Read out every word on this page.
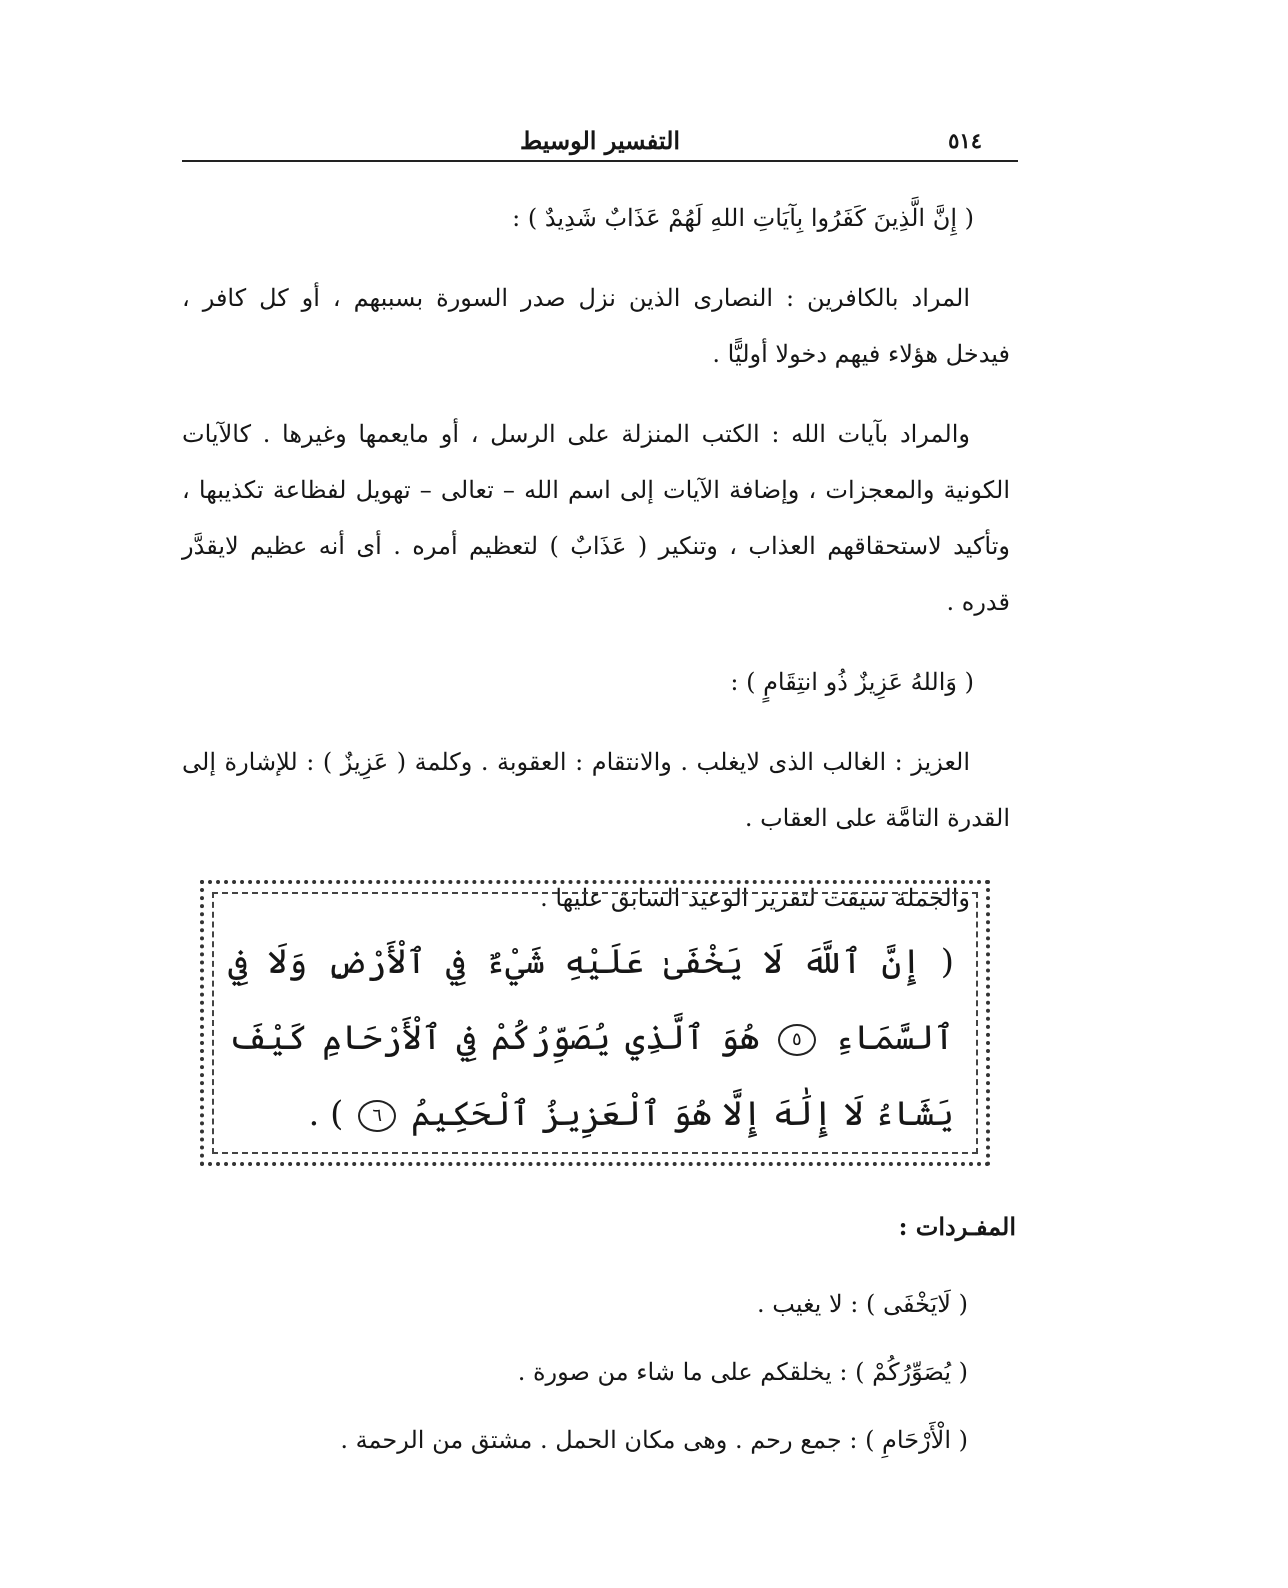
٥١٤
التفسير الوسيط

( إِنَّ الَّذِينَ كَفَرُوا بِآيَاتِ اللهِ لَهُمْ عَذَابٌ شَدِيدٌ ) :

المراد بالكافرين : النصارى الذين نزل صدر السورة بسببهم ، أو كل كافر ، فيدخل هؤلاء فيهم دخولا أوليًّا .

والمراد بآيات الله : الكتب المنزلة على الرسل ، أو مايعمها وغيرها . كالآيات الكونية والمعجزات ، وإضافة الآيات إلى اسم الله – تعالى – تهويل لفظاعة تكذيبها ، وتأكيد لاستحقاقهم العذاب ، وتنكير ( عَذَابٌ ) لتعظيم أمره . أى أنه عظيم لايقدَّر قدره .

( وَاللهُ عَزِيزٌ ذُو انتِقَامٍ ) :

العزيز : الغالب الذى لايغلب . والانتقام : العقوبة . وكلمة ( عَزِيزٌ ) : للإشارة إلى القدرة التامَّة على العقاب .

والجملة سيقت لتقرير الوعيد السابق عليها .

( إِنَّ ٱللَّهَ لَا يَخْفَىٰ عَلَيْهِ شَيْءٌ فِي ٱلْأَرْضِ وَلَا فِي ٱلسَّمَاءِ ٥ هُوَ ٱلَّذِي يُصَوِّرُكُمْ فِي ٱلْأَرْحَامِ كَيْفَ يَشَاءُ لَا إِلَٰهَ إِلَّا هُوَ ٱلْعَزِيزُ ٱلْحَكِيمُ ٦ ) .
المفـردات :
( لَايَخْفَى ) : لا يغيب .
( يُصَوِّرُكُمْ ) : يخلقكم على ما شاء من صورة .
( الْأَرْحَامِ ) : جمع رحم . وهى مكان الحمل . مشتق من الرحمة .
